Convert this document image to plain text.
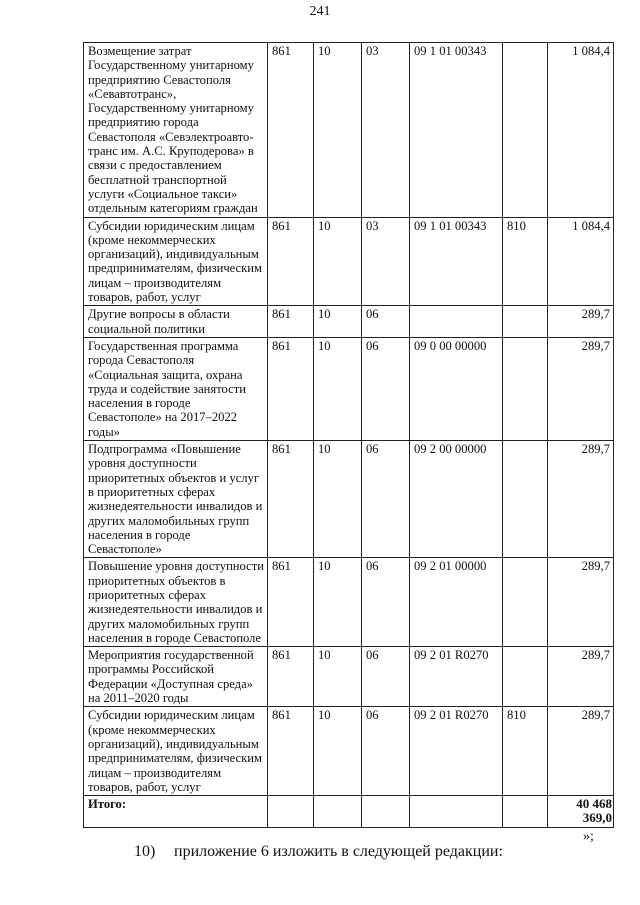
241
Возмещение затрат Государственному унитарному предприятию Севастополя «Севавтотранс», Государственному унитарному предприятию города Севастополя «Севэлектроавто-транс им. А.С. Круподерова» в связи с предоставлением бесплатной транспортной услуги «Социальное такси» отдельным категориям граждан	861	10	03	09 1 01 00343		1 084,4
Субсидии юридическим лицам (кроме некоммерческих организаций), индивидуальным предпринимателям, физическим лицам – производителям товаров, работ, услуг	861	10	03	09 1 01 00343	810	1 084,4
Другие вопросы в области социальной политики	861	10	06			289,7
Государственная программа города Севастополя «Социальная защита, охрана труда и содействие занятости населения в городе Севастополе» на 2017–2022 годы»	861	10	06	09 0 00 00000		289,7
Подпрограмма «Повышение уровня доступности приоритетных объектов и услуг в приоритетных сферах жизнедеятельности инвалидов и других маломобильных групп населения в городе Севастополе»	861	10	06	09 2 00 00000		289,7
Повышение уровня доступности приоритетных объектов в приоритетных сферах жизнедеятельности инвалидов и других маломобильных групп населения в городе Севастополе	861	10	06	09 2 01 00000		289,7
Мероприятия государственной программы Российской Федерации «Доступная среда» на 2011–2020 годы	861	10	06	09 2 01 R0270		289,7
Субсидии юридическим лицам (кроме некоммерческих организаций), индивидуальным предпринимателям, физическим лицам – производителям товаров, работ, услуг	861	10	06	09 2 01 R0270	810	289,7
Итого:						40 468 369,0
»;
10) приложение 6 изложить в следующей редакции:
